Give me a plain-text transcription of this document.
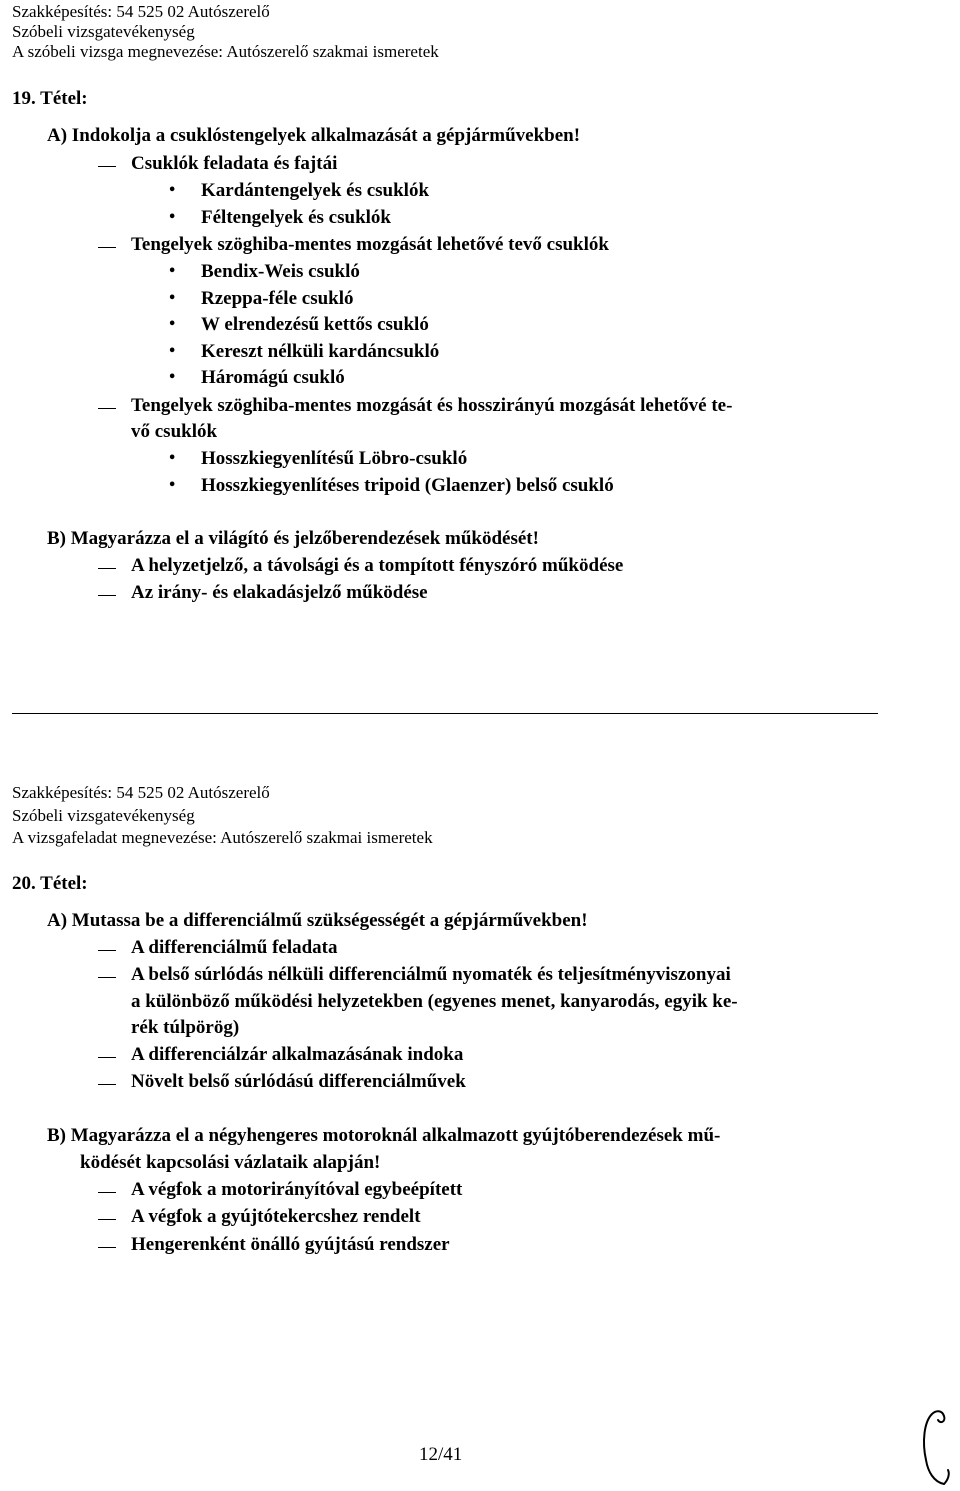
Szakképesítés: 54 525 02 Autószerelő
Szóbeli vizsgatevékenység
A szóbeli vizsga megnevezése: Autószerelő szakmai ismeretek
19. Tétel:
A) Indokolja a csuklóstengelyek alkalmazását a gépjárművekben!
Csuklók feladata és fajtái
• Kardántengelyek és csuklók
• Féltengelyek és csuklók
Tengelyek szöghiba-mentes mozgását lehetővé tevő csuklók
• Bendix-Weis csukló
• Rzeppa-féle csukló
• W elrendezésű kettős csukló
• Kereszt nélküli kardáncsukló
• Háromágú csukló
Tengelyek szöghiba-mentes mozgását és hosszirányú mozgását lehetővé te-
vő csuklók
• Hosszkiegyenlítésű Löbro-csukló
• Hosszkiegyenlítéses tripoid (Glaenzer) belső csukló
B) Magyarázza el a világító és jelzőberendezések működését!
A helyzetjelző, a távolsági és a tompított fényszóró működése
Az irány- és elakadásjelző működése
Szakképesítés: 54 525 02 Autószerelő
Szóbeli vizsgatevékenység
A vizsgafeladat megnevezése: Autószerelő szakmai ismeretek
20. Tétel:
A) Mutassa be a differenciálmű szükségességét a gépjárművekben!
A differenciálmű feladata
A belső súrlódás nélküli differenciálmű nyomaték és teljesítményviszonyai
a különböző működési helyzetekben (egyenes menet, kanyarodás, egyik ke-
rék túlpörög)
A differenciálzár alkalmazásának indoka
Növelt belső súrlódású differenciálművek
B) Magyarázza el a négyhengeres motoroknál alkalmazott gyújtóberendezések mű-
ködését kapcsolási vázlataik alapján!
A végfok a motorirányítóval egybeépített
A végfok a gyújtótekercshez rendelt
Hengerenként önálló gyújtású rendszer
12/41
